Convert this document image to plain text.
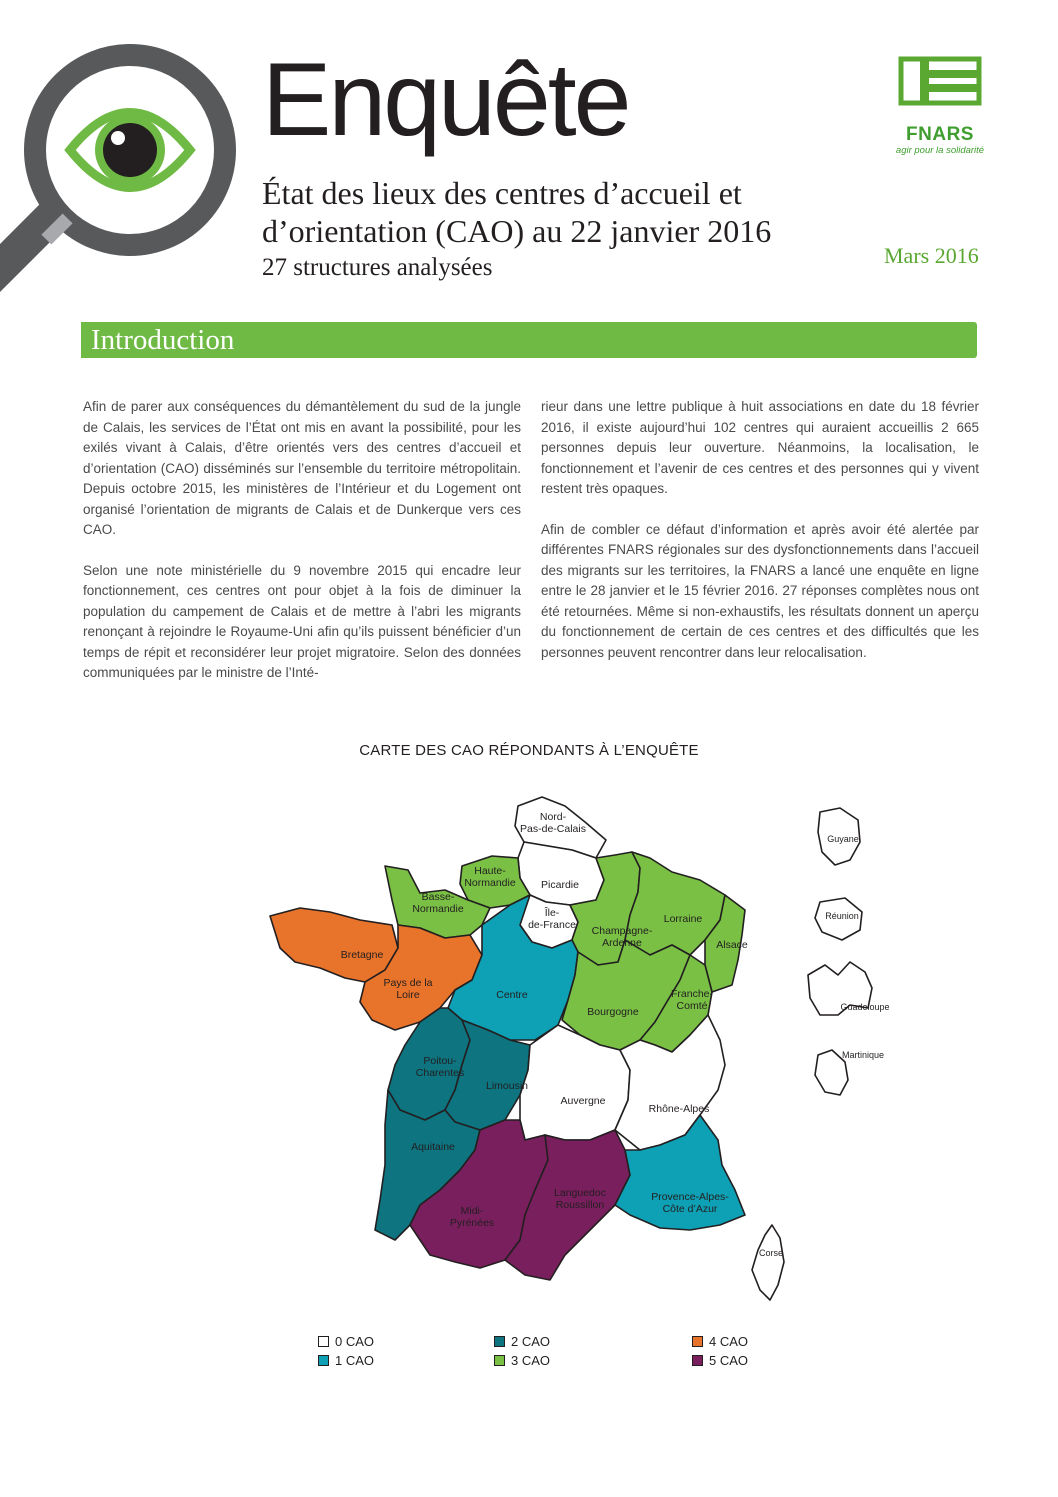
Enquête
État des lieux des centres d’accueil et d’orientation (CAO) au 22 janvier 2016
27 structures analysées	Mars 2016
FNARS
agir pour la solidarité
Introduction

Afin de parer aux conséquences du démantèlement du sud de la jungle de Calais, les services de l’État ont mis en avant la possibilité, pour les exilés vivant à Calais, d’être orientés vers des centres d’accueil et d’orientation (CAO) disséminés sur l’ensemble du territoire métropolitain. Depuis octobre 2015, les ministères de l’Intérieur et du Logement ont organisé l’orientation de migrants de Calais et de Dunkerque vers ces CAO.

Selon une note ministérielle du 9 novembre 2015 qui encadre leur fonctionnement, ces centres ont pour objet à la fois de diminuer la population du campement de Calais et de mettre à l’abri les migrants renonçant à rejoindre le Royaume-Uni afin qu’ils puissent bénéficier d’un temps de répit et reconsidérer leur projet migratoire. Selon des données communiquées par le ministre de l’Inté-

rieur dans une lettre publique à huit associations en date du 18 février 2016, il existe aujourd’hui 102 centres qui auraient accueillis 2 665 personnes depuis leur ouverture. Néanmoins, la localisation, le fonctionnement et l’avenir de ces centres et des personnes qui y vivent restent très opaques.

Afin de combler ce défaut d’information et après avoir été alertée par différentes FNARS régionales sur des dysfonctionnements dans l’accueil des migrants sur les territoires, la FNARS a lancé une enquête en ligne entre le 28 janvier et le 15 février 2016. 27 réponses complètes nous ont été retournées. Même si non-exhaustifs, les résultats donnent un aperçu du fonctionnement de certain de ces centres et des difficultés que les personnes peuvent rencontrer dans leur relocalisation.

CARTE DES CAO RÉPONDANTS À L’ENQUÊTE
Nord-Pas-de-Calais
Picardie
Haute-Normandie
Basse-Normandie	Île-de-France Champagne-Ardenne
Lorraine
Alsace
Bretagne
Pays de la Loire	Centre
Bourgogne
Franche-Comté
Poitou-Charentes
Limousin
Auvergne
Rhône-Alpes
Aquitaine
Midi-Pyrénées
Languedoc Roussillon
Provence-Alpes-Côte d’Azur
Corse
Guyane
Réunion
Guadeloupe
Martinique
0 CAO
1 CAO
2 CAO
3 CAO
4 CAO
5 CAO
